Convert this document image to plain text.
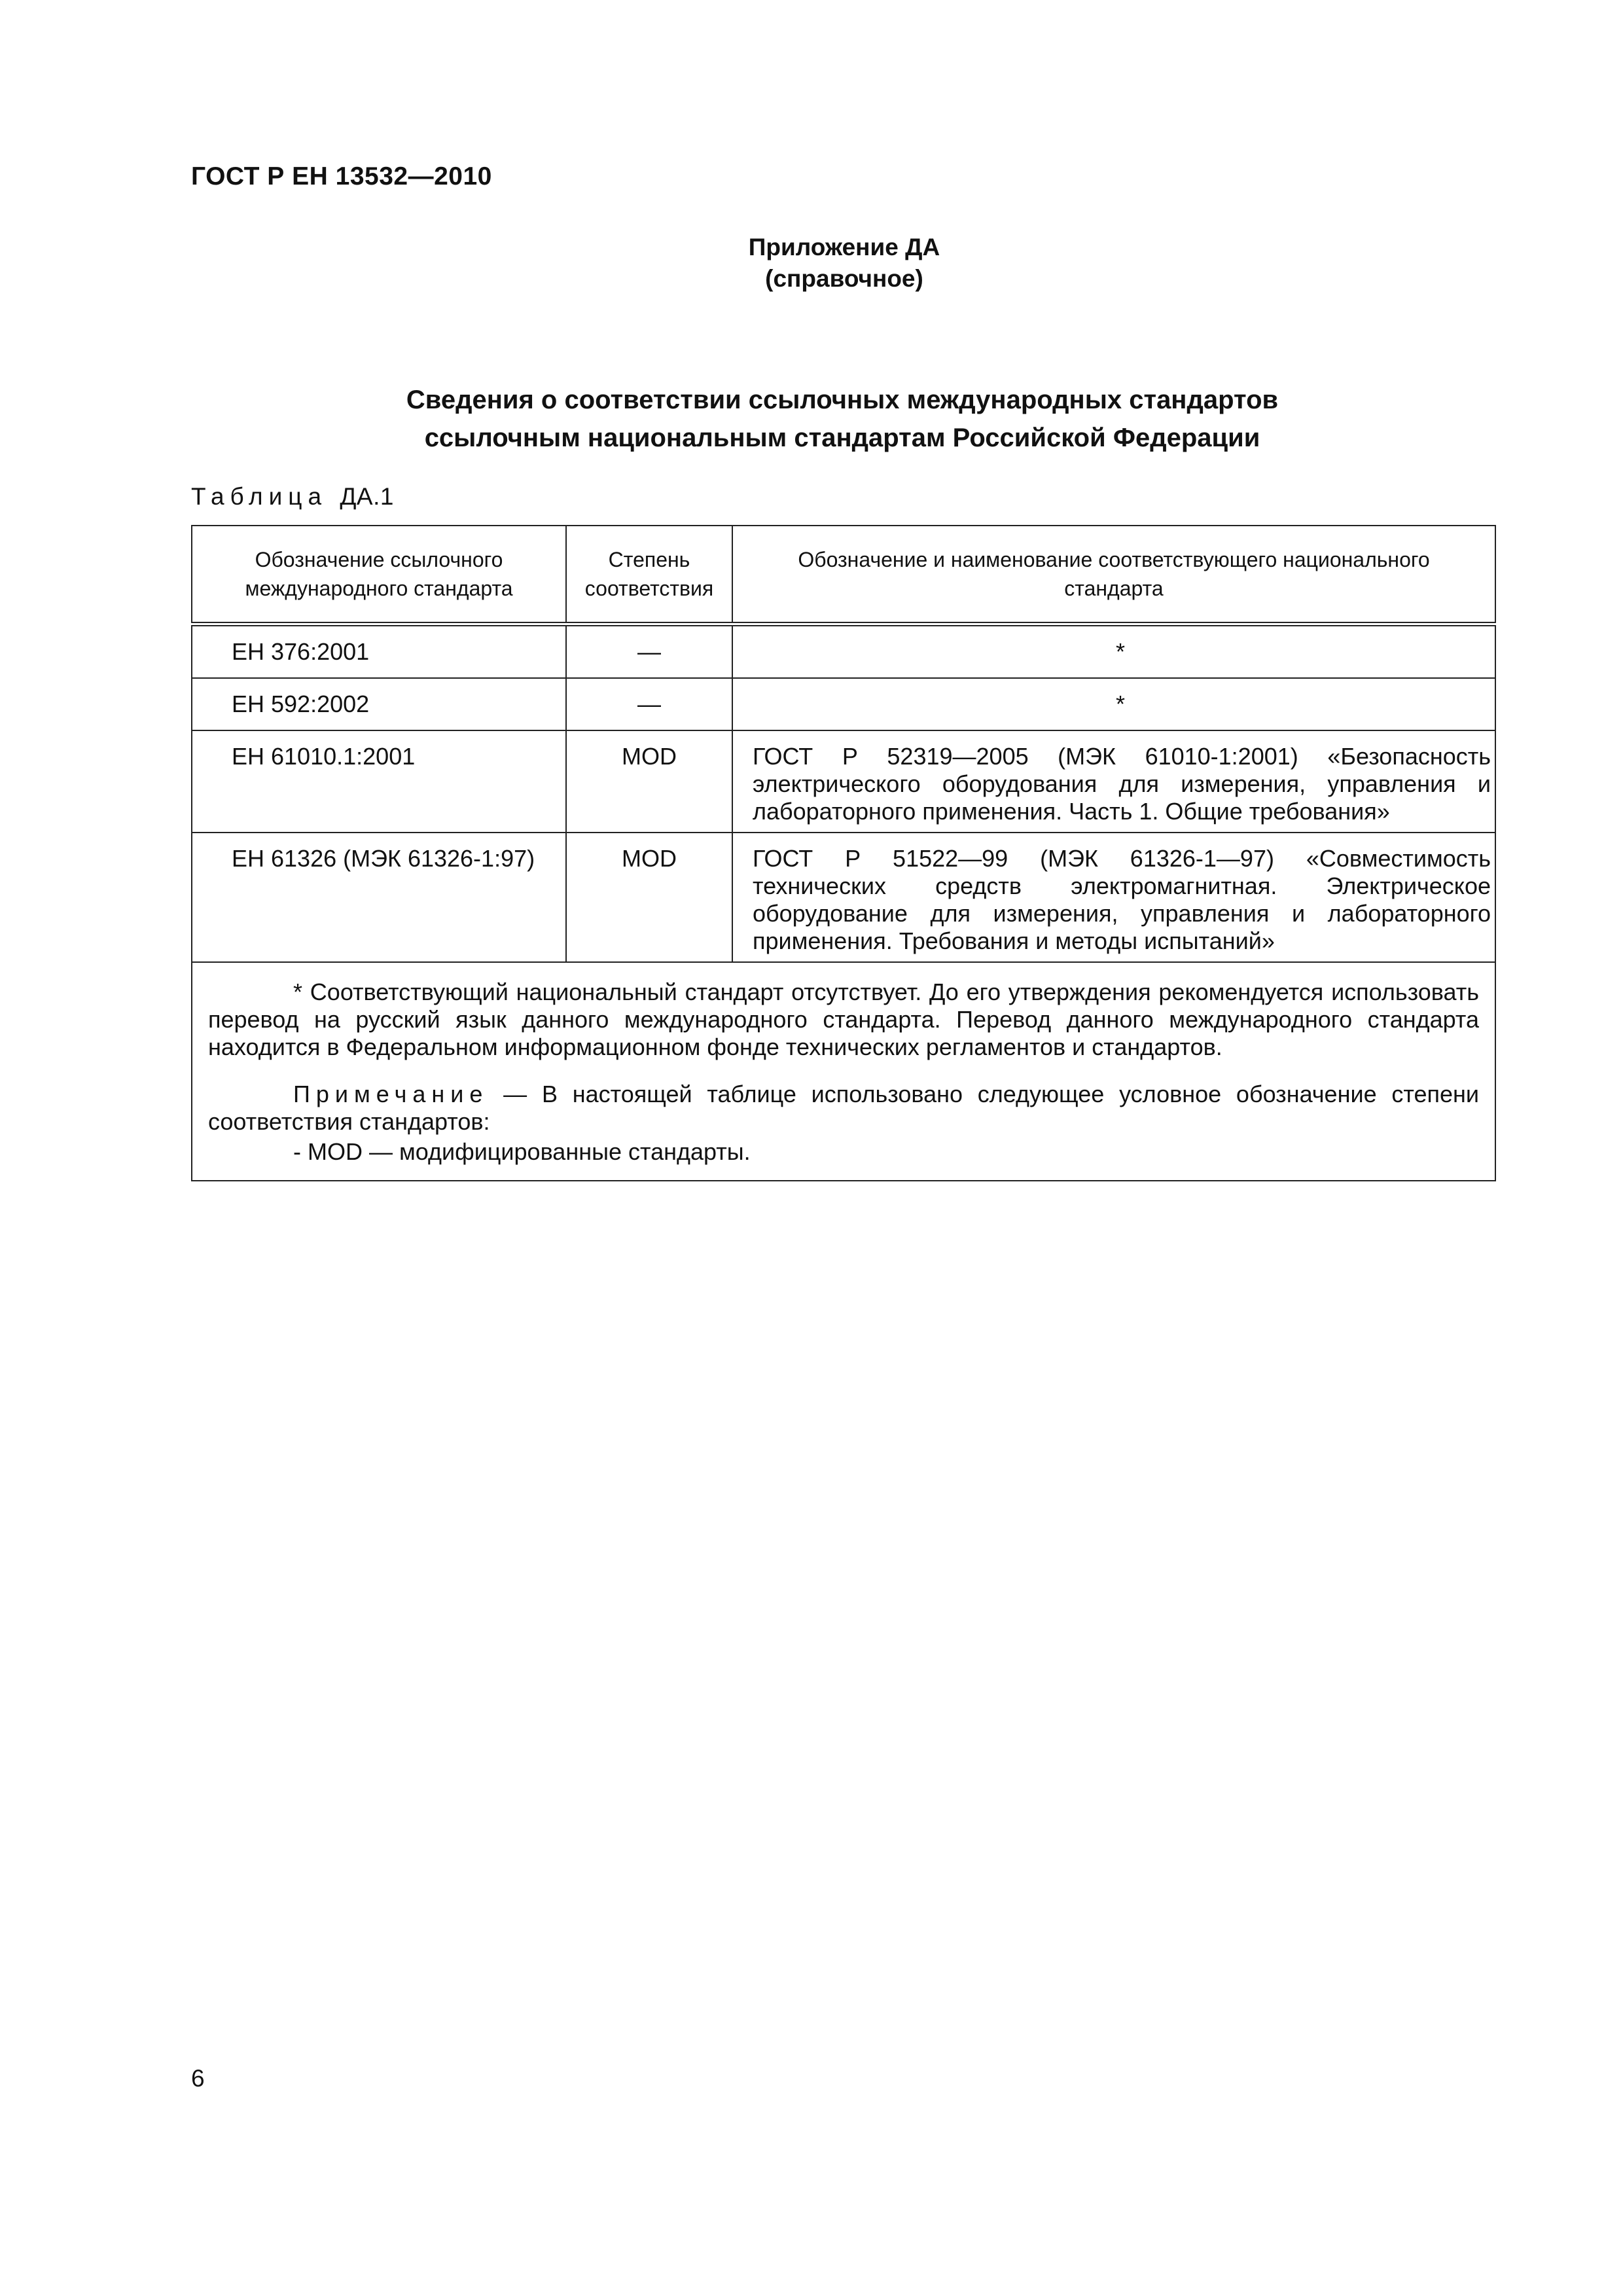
ГОСТ Р ЕН 13532—2010
Приложение ДА
(справочное)
Сведения о соответствии ссылочных международных стандартов
ссылочным национальным стандартам Российской Федерации
Таблица ДА.1
Обозначение ссылочного международного стандарта	Степень соответствия	Обозначение и наименование соответствующего национального стандарта
ЕН 376:2001	—	*
ЕН 592:2002	—	*
ЕН 61010.1:2001	MOD	ГОСТ Р 52319—2005 (МЭК 61010-1:2001) «Безопасность электрического оборудования для измерения, управления и лабораторного применения. Часть 1. Общие требования»
ЕН 61326 (МЭК 61326-1:97)	MOD	ГОСТ Р 51522—99 (МЭК 61326-1—97) «Совместимость технических средств электромагнитная. Электрическое оборудование для измерения, управления и лабораторного применения. Требования и методы испытаний»

* Соответствующий национальный стандарт отсутствует. До его утверждения рекомендуется использовать перевод на русский язык данного международного стандарта. Перевод данного международного стандарта находится в Федеральном информационном фонде технических регламентов и стандартов.
Примечание — В настоящей таблице использовано следующее условное обозначение степени соответствия стандартов:
- MOD — модифицированные стандарты.		
6
